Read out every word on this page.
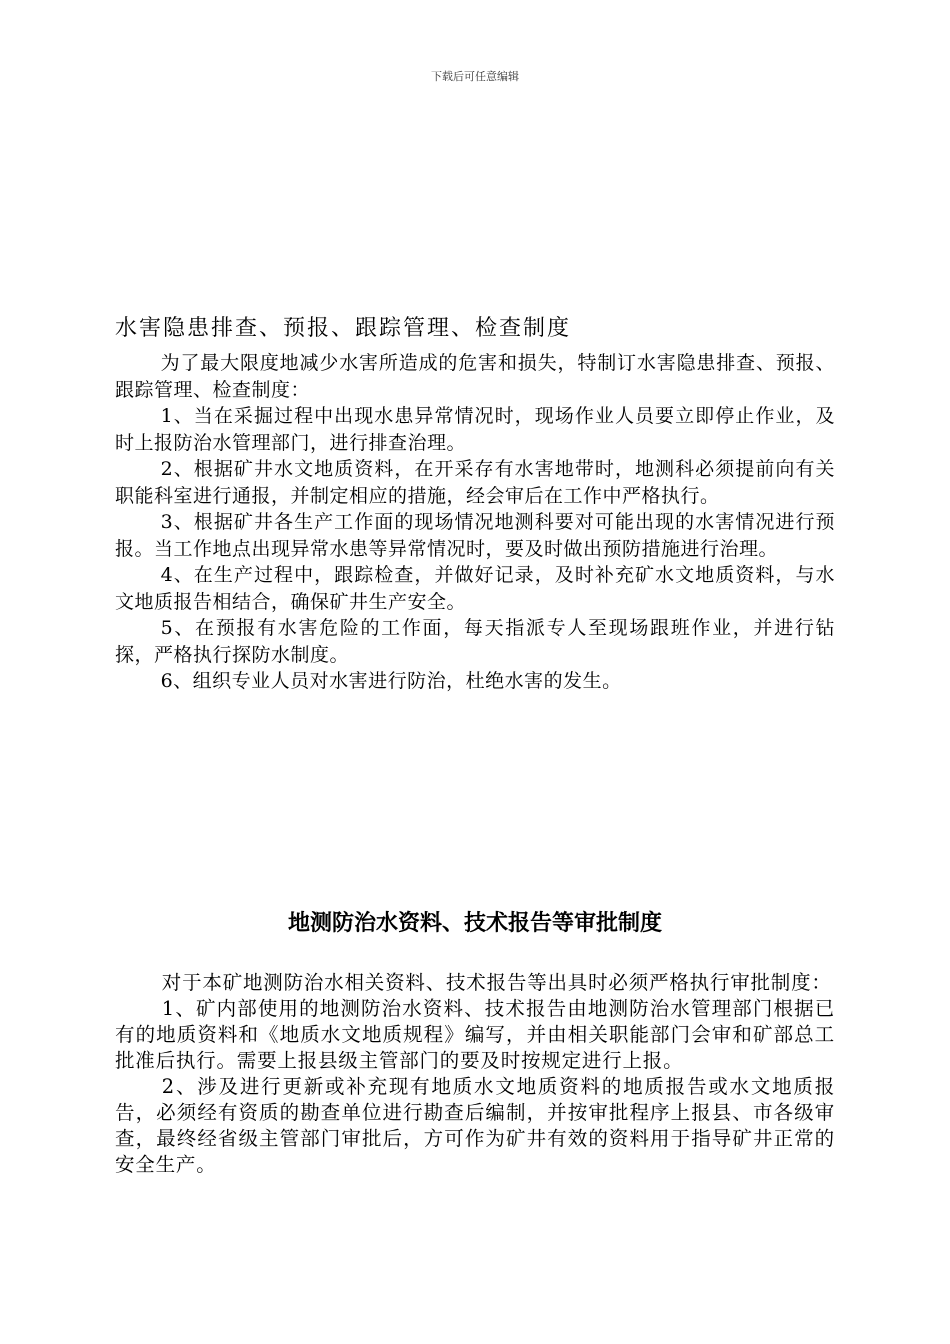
下载后可任意编辑
水害隐患排查、预报、跟踪管理、检查制度

为了最大限度地减少水害所造成的危害和损失，特制订水害隐患排查、预报、跟踪管理、检查制度：

1、当在采掘过程中出现水患异常情况时，现场作业人员要立即停止作业，及时上报防治水管理部门，进行排查治理。

2、根据矿井水文地质资料，在开采存有水害地带时，地测科必须提前向有关职能科室进行通报，并制定相应的措施，经会审后在工作中严格执行。

3、根据矿井各生产工作面的现场情况地测科要对可能出现的水害情况进行预报。当工作地点出现异常水患等异常情况时，要及时做出预防措施进行治理。

4、在生产过程中，跟踪检查，并做好记录，及时补充矿水文地质资料，与水文地质报告相结合，确保矿井生产安全。

5、在预报有水害危险的工作面，每天指派专人至现场跟班作业，并进行钻探，严格执行探防水制度。

6、组织专业人员对水害进行防治，杜绝水害的发生。

地测防治水资料、技术报告等审批制度

对于本矿地测防治水相关资料、技术报告等出具时必须严格执行审批制度：

1、矿内部使用的地测防治水资料、技术报告由地测防治水管理部门根据已有的地质资料和《地质水文地质规程》编写，并由相关职能部门会审和矿部总工批准后执行。需要上报县级主管部门的要及时按规定进行上报。

2、涉及进行更新或补充现有地质水文地质资料的地质报告或水文地质报告，必须经有资质的勘查单位进行勘查后编制，并按审批程序上报县、市各级审查，最终经省级主管部门审批后，方可作为矿井有效的资料用于指导矿井正常的安全生产。
